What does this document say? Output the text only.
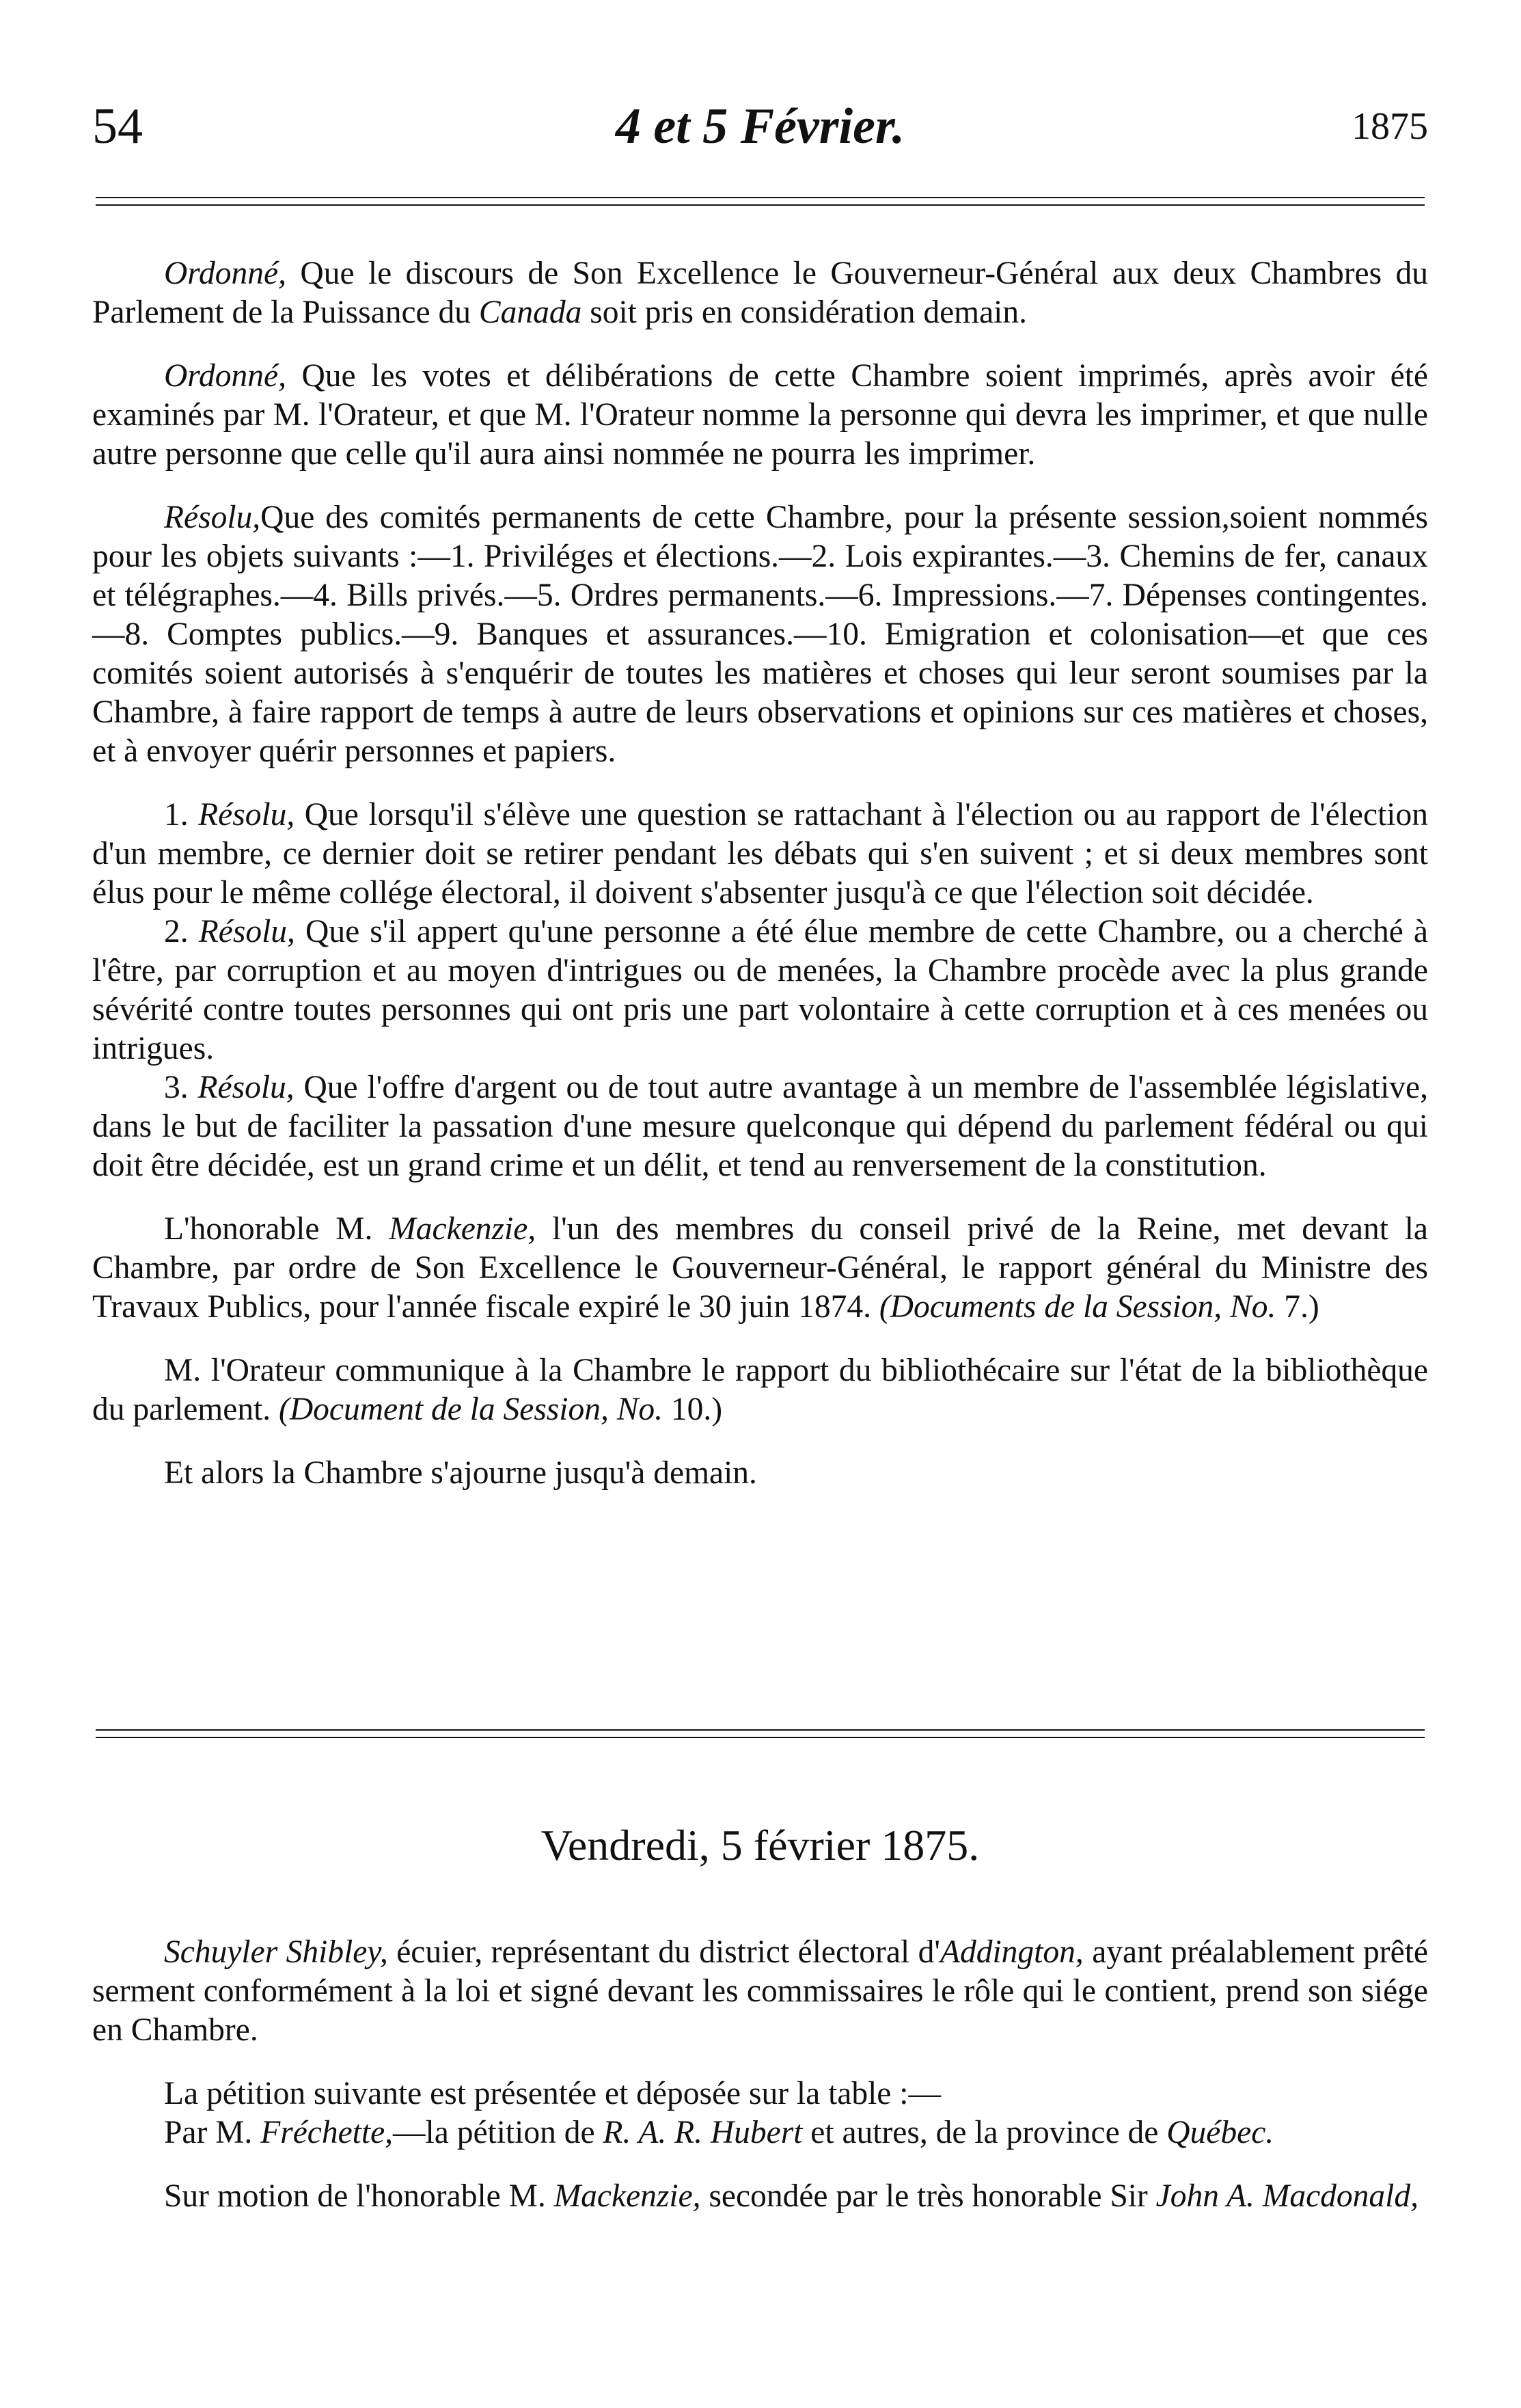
54	4 et 5 Février.	1875

Ordonné, Que le discours de Son Excellence le Gouverneur-Général aux deux Chambres du Parlement de la Puissance du Canada soit pris en considération demain.

Ordonné, Que les votes et délibérations de cette Chambre soient imprimés, après avoir été examinés par M. l'Orateur, et que M. l'Orateur nomme la personne qui devra les imprimer, et que nulle autre personne que celle qu'il aura ainsi nommée ne pourra les imprimer.

Résolu,Que des comités permanents de cette Chambre, pour la présente session,soient nommés pour les objets suivants :—1. Priviléges et élections.—2. Lois expirantes.—3. Chemins de fer, canaux et télégraphes.—4. Bills privés.—5. Ordres permanents.—6. Impressions.—7. Dépenses contingentes.—8. Comptes publics.—9. Banques et assurances.—10. Emigration et colonisation—et que ces comités soient autorisés à s'enquérir de toutes les matières et choses qui leur seront soumises par la Chambre, à faire rapport de temps à autre de leurs observations et opinions sur ces matières et choses, et à envoyer quérir personnes et papiers.

1. Résolu, Que lorsqu'il s'élève une question se rattachant à l'élection ou au rapport de l'élection d'un membre, ce dernier doit se retirer pendant les débats qui s'en suivent ; et si deux membres sont élus pour le même collége électoral, il doivent s'absenter jusqu'à ce que l'élection soit décidée.

2. Résolu, Que s'il appert qu'une personne a été élue membre de cette Chambre, ou a cherché à l'être, par corruption et au moyen d'intrigues ou de menées, la Chambre procède avec la plus grande sévérité contre toutes personnes qui ont pris une part volontaire à cette corruption et à ces menées ou intrigues.

3. Résolu, Que l'offre d'argent ou de tout autre avantage à un membre de l'assemblée législative, dans le but de faciliter la passation d'une mesure quelconque qui dépend du parlement fédéral ou qui doit être décidée, est un grand crime et un délit, et tend au renversement de la constitution.

L'honorable M. Mackenzie, l'un des membres du conseil privé de la Reine, met devant la Chambre, par ordre de Son Excellence le Gouverneur-Général, le rapport général du Ministre des Travaux Publics, pour l'année fiscale expiré le 30 juin 1874. (Documents de la Session, No. 7.)

M. l'Orateur communique à la Chambre le rapport du bibliothécaire sur l'état de la bibliothèque du parlement. (Document de la Session, No. 10.)

Et alors la Chambre s'ajourne jusqu'à demain.

Vendredi, 5 février 1875.

Schuyler Shibley, écuier, représentant du district électoral d'Addington, ayant préalablement prêté serment conformément à la loi et signé devant les commissaires le rôle qui le contient, prend son siége en Chambre.

La pétition suivante est présentée et déposée sur la table :—

Par M. Fréchette,—la pétition de R. A. R. Hubert et autres, de la province de Québec.

Sur motion de l'honorable M. Mackenzie, secondée par le très honorable Sir John A. Macdonald,
